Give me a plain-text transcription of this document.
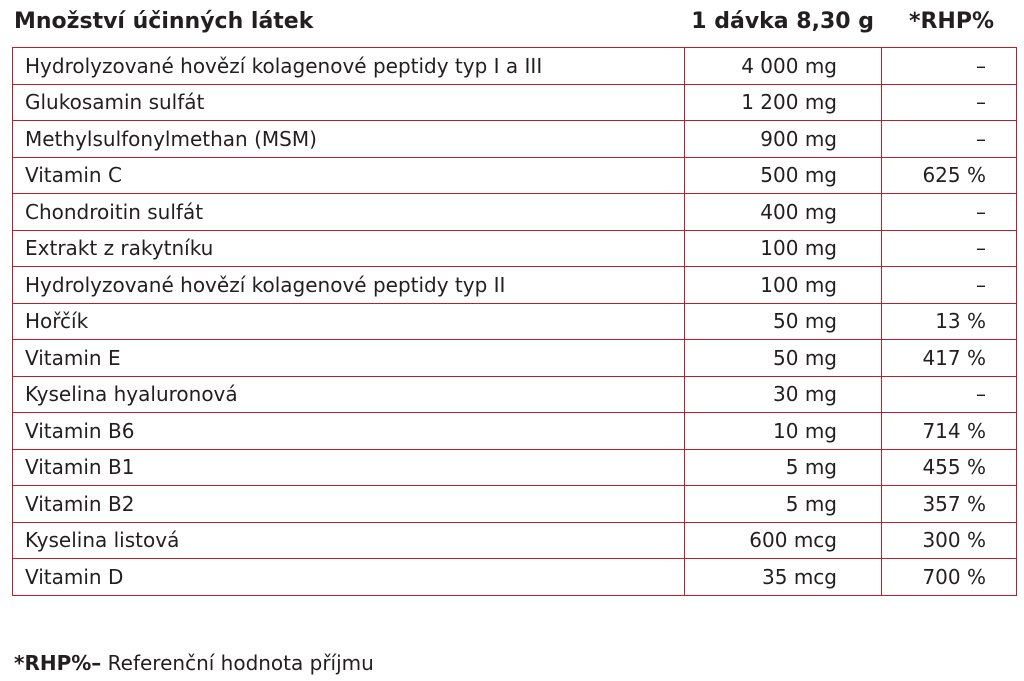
Množství účinných látek	1 dávka 8,30 g *RHP%
Hydrolyzované hovězí kolagenové peptidy typ I a III	4 000 mg	–
Glukosamin sulfát	1 200 mg	–
Methylsulfonylmethan (MSM)	900 mg	–
Vitamin C	500 mg	625 %
Chondroitin sulfát	400 mg	–
Extrakt z rakytníku	100 mg	–
Hydrolyzované hovězí kolagenové peptidy typ II	100 mg	–
Hořčík	50 mg	13 %
Vitamin E	50 mg	417 %
Kyselina hyaluronová	30 mg	–
Vitamin B6	10 mg	714 %
Vitamin B1	5 mg	455 %
Vitamin B2	5 mg	357 %
Kyselina listová	600 mcg	300 %
Vitamin D	35 mcg	700 %
*RHP%– Referenční hodnota příjmu
